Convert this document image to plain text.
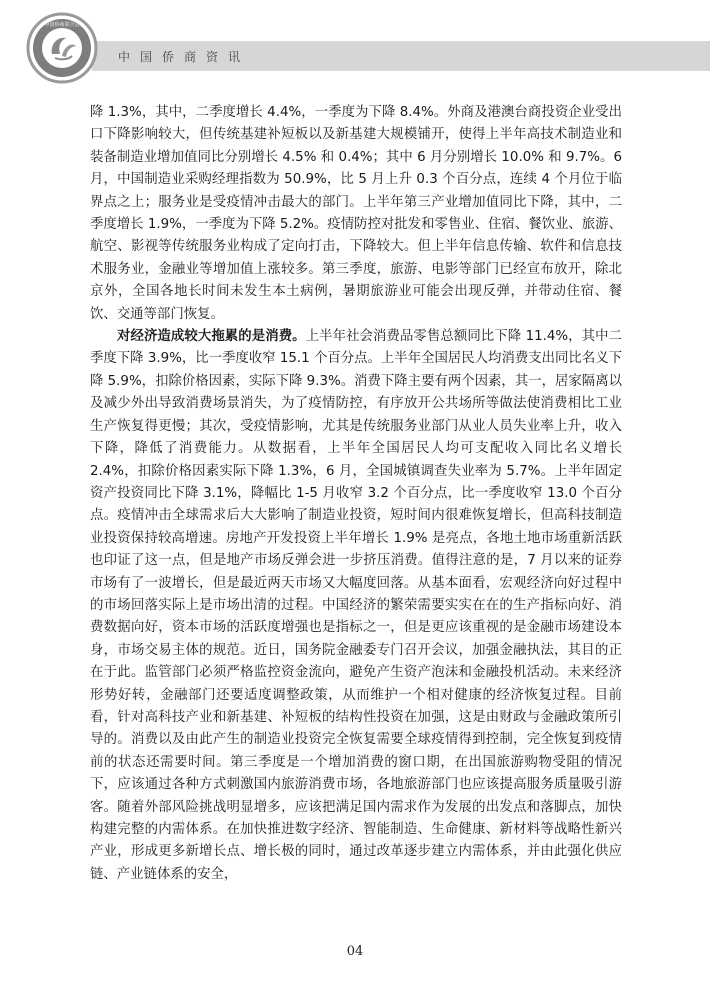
中国侨商资讯
中国侨商联合会

降 1.3%，其中，二季度增长 4.4%，一季度为下降 8.4%。外商及港澳台商投资企业受出口下降影响较大，但传统基建补短板以及新基建大规模铺开，使得上半年高技术制造业和装备制造业增加值同比分别增长 4.5% 和 0.4%；其中 6 月分别增长 10.0% 和 9.7%。6 月，中国制造业采购经理指数为 50.9%，比 5 月上升 0.3 个百分点，连续 4 个月位于临界点之上；服务业是受疫情冲击最大的部门。上半年第三产业增加值同比下降，其中，二季度增长 1.9%，一季度为下降 5.2%。疫情防控对批发和零售业、住宿、餐饮业、旅游、航空、影视等传统服务业构成了定向打击，下降较大。但上半年信息传输、软件和信息技术服务业，金融业等增加值上涨较多。第三季度，旅游、电影等部门已经宣布放开，除北京外，全国各地长时间未发生本土病例，暑期旅游业可能会出现反弹，并带动住宿、餐饮、交通等部门恢复。

对经济造成较大拖累的是消费。上半年社会消费品零售总额同比下降 11.4%，其中二季度下降 3.9%，比一季度收窄 15.1 个百分点。上半年全国居民人均消费支出同比名义下降 5.9%，扣除价格因素，实际下降 9.3%。消费下降主要有两个因素，其一，居家隔离以及减少外出导致消费场景消失，为了疫情防控，有序放开公共场所等做法使消费相比工业生产恢复得更慢；其次，受疫情影响，尤其是传统服务业部门从业人员失业率上升，收入下降，降低了消费能力。从数据看，上半年全国居民人均可支配收入同比名义增长 2.4%，扣除价格因素实际下降 1.3%，6 月，全国城镇调查失业率为 5.7%。上半年固定资产投资同比下降 3.1%，降幅比 1-5 月收窄 3.2 个百分点，比一季度收窄 13.0 个百分点。疫情冲击全球需求后大大影响了制造业投资，短时间内很难恢复增长，但高科技制造业投资保持较高增速。房地产开发投资上半年增长 1.9% 是亮点，各地土地市场重新活跃也印证了这一点，但是地产市场反弹会进一步挤压消费。值得注意的是，7 月以来的证券市场有了一波增长，但是最近两天市场又大幅度回落。从基本面看，宏观经济向好过程中的市场回落实际上是市场出清的过程。中国经济的繁荣需要实实在在的生产指标向好、消费数据向好，资本市场的活跃度增强也是指标之一，但是更应该重视的是金融市场建设本身，市场交易主体的规范。近日，国务院金融委专门召开会议，加强金融执法，其目的正在于此。监管部门必须严格监控资金流向，避免产生资产泡沫和金融投机活动。未来经济形势好转，金融部门还要适度调整政策，从而维护一个相对健康的经济恢复过程。目前看，针对高科技产业和新基建、补短板的结构性投资在加强，这是由财政与金融政策所引导的。消费以及由此产生的制造业投资完全恢复需要全球疫情得到控制，完全恢复到疫情前的状态还需要时间。第三季度是一个增加消费的窗口期，在出国旅游购物受阻的情况下，应该通过各种方式刺激国内旅游消费市场，各地旅游部门也应该提高服务质量吸引游客。随着外部风险挑战明显增多，应该把满足国内需求作为发展的出发点和落脚点，加快构建完整的内需体系。在加快推进数字经济、智能制造、生命健康、新材料等战略性新兴产业，形成更多新增长点、增长极的同时，通过改革逐步建立内需体系，并由此强化供应链、产业链体系的安全，

04
